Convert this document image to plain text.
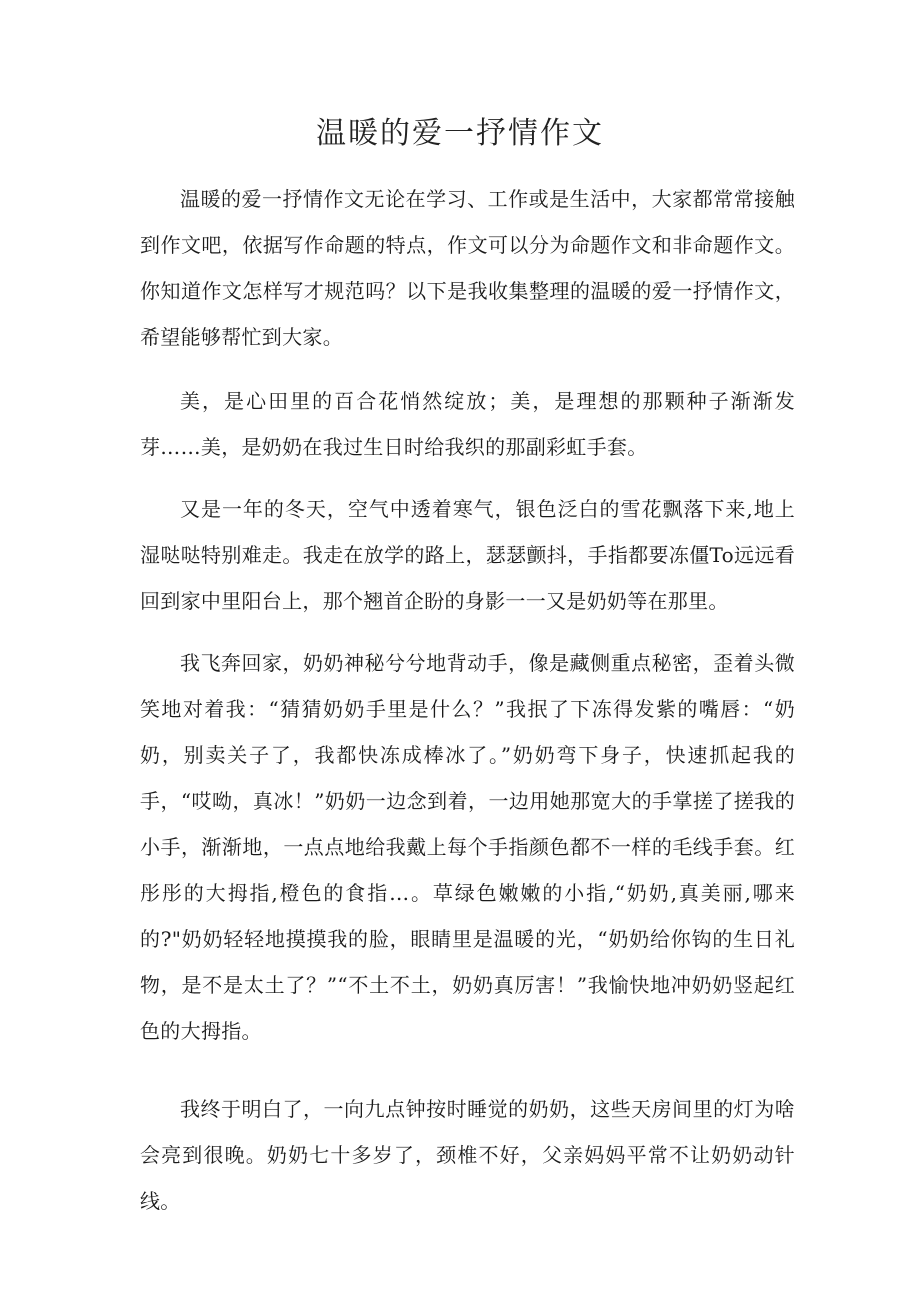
温暖的爱一抒情作文
温暖的爱一抒情作文无论在学习、工作或是生活中，大家都常常接触到作文吧，依据写作命题的特点，作文可以分为命题作文和非命题作文。你知道作文怎样写才规范吗？以下是我收集整理的温暖的爱一抒情作文，希望能够帮忙到大家。
美，是心田里的百合花悄然绽放；美，是理想的那颗种子渐渐发芽……美，是奶奶在我过生日时给我织的那副彩虹手套。
又是一年的冬天，空气中透着寒气，银色泛白的雪花飘落下来,地上湿哒哒特别难走。我走在放学的路上，瑟瑟颤抖，手指都要冻僵To远远看回到家中里阳台上，那个翘首企盼的身影一一又是奶奶等在那里。
我飞奔回家，奶奶神秘兮兮地背动手，像是藏侧重点秘密，歪着头微笑地对着我：“猜猜奶奶手里是什么？”我抿了下冻得发紫的嘴唇：“奶奶，别卖关子了，我都快冻成棒冰了。”奶奶弯下身子，快速抓起我的手，“哎呦，真冰！”奶奶一边念到着，一边用她那宽大的手掌搓了搓我的小手，渐渐地，一点点地给我戴上每个手指颜色都不一样的毛线手套。红彤彤的大拇指,橙色的食指…。草绿色嫩嫩的小指,“奶奶,真美丽,哪来的?"奶奶轻轻地摸摸我的脸，眼睛里是温暖的光，“奶奶给你钩的生日礼物，是不是太土了？”“不土不土，奶奶真厉害！”我愉快地冲奶奶竖起红色的大拇指。
我终于明白了，一向九点钟按时睡觉的奶奶，这些天房间里的灯为啥会亮到很晚。奶奶七十多岁了，颈椎不好，父亲妈妈平常不让奶奶动针线。
